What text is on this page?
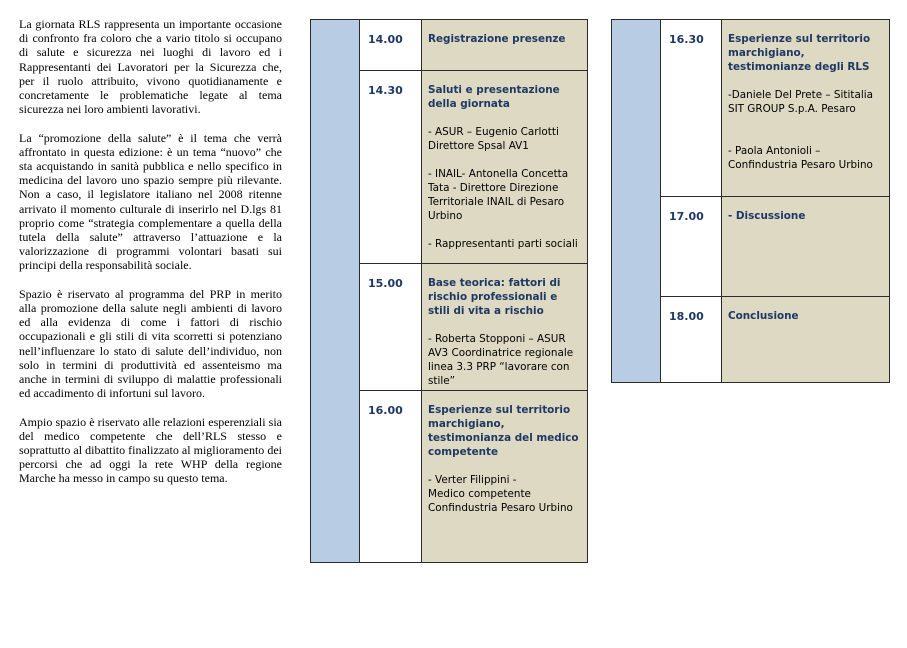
La giornata RLS rappresenta un importante occasione di confronto fra coloro che a vario titolo si occupano di salute e sicurezza nei luoghi di lavoro ed i Rappresentanti dei Lavoratori per la Sicurezza che, per il ruolo attribuito, vivono quotidianamente e concretamente le problematiche legate al tema sicurezza nei loro ambienti lavorativi.

La “promozione della salute” è il tema che verrà affrontato in questa edizione: è un tema “nuovo” che sta acquistando in sanità pubblica e nello specifico in medicina del lavoro uno spazio sempre più rilevante. Non a caso, il legislatore italiano nel 2008 ritenne arrivato il momento culturale di inserirlo nel D.lgs 81 proprio come “strategia complementare a quella della tutela della salute” attraverso l’attuazione e la valorizzazione di programmi volontari basati sui principi della responsabilità sociale.

Spazio è riservato al programma del PRP in merito alla promozione della salute negli ambienti di lavoro ed alla evidenza di come i fattori di rischio occupazionali e gli stili di vita scorretti si potenziano nell’influenzare lo stato di salute dell’individuo, non solo in termini di produttività ed assenteismo ma anche in termini di sviluppo di malattie professionali ed accadimento di infortuni sul lavoro.

Ampio spazio è riservato alle relazioni esperenziali sia del medico competente che dell’RLS stesso e soprattutto al dibattito finalizzato al miglioramento dei percorsi che ad oggi la rete WHP della regione Marche ha messo in campo su questo tema.

	14.00	Registrazione presenze

	14.30	Saluti e presentazione della giornata
- ASUR – Eugenio Carlotti
Direttore Spsal AV1

- INAIL- Antonella Concetta Tata - Direttore Direzione Territoriale INAIL di Pesaro Urbino

- Rappresentanti parti sociali

	15.00	Base teorica: fattori di rischio professionali e stili di vita a rischio
- Roberta Stopponi – ASUR AV3 Coordinatrice regionale linea 3.3 PRP “lavorare con stile”

	16.00	Esperienze sul territorio marchigiano, testimonianza del medico competente
- Verter Filippini -
Medico competente
Confindustria Pesaro Urbino
	16.30	Esperienze sul territorio marchigiano, testimonianze degli RLS
-Daniele Del Prete – Sititalia
SIT GROUP S.p.A. Pesaro

- Paola Antonioli –
Confindustria Pesaro Urbino

	17.00	- Discussione

	18.00	Conclusione
